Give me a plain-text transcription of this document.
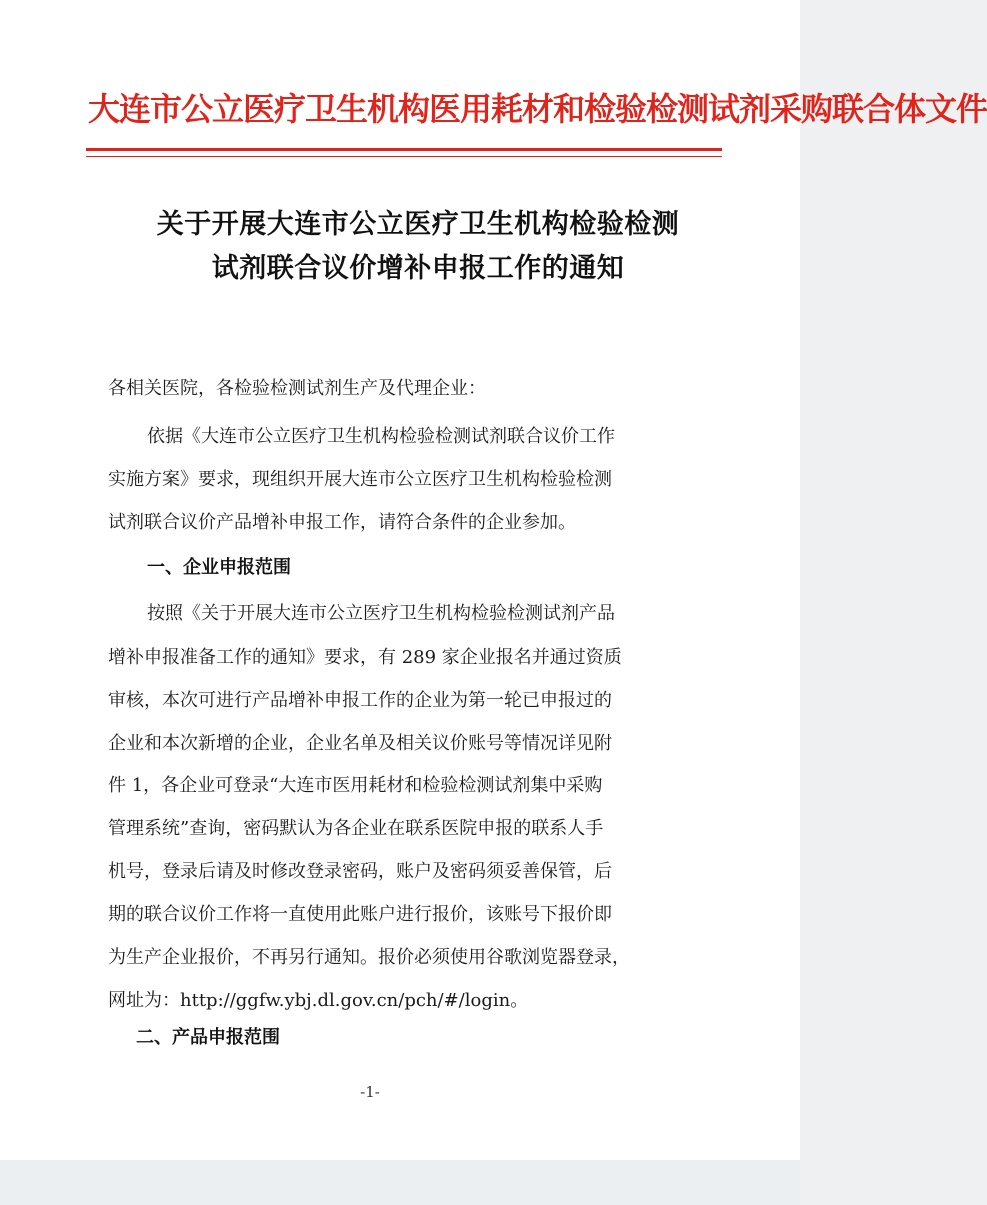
大连市公立医疗卫生机构医用耗材和检验检测试剂采购联合体文件
关于开展大连市公立医疗卫生机构检验检测
试剂联合议价增补申报工作的通知
各相关医院，各检验检测试剂生产及代理企业：
依据《大连市公立医疗卫生机构检验检测试剂联合议价工作
实施方案》要求，现组织开展大连市公立医疗卫生机构检验检测
试剂联合议价产品增补申报工作，请符合条件的企业参加。
一、企业申报范围
按照《关于开展大连市公立医疗卫生机构检验检测试剂产品
增补申报准备工作的通知》要求，有 289 家企业报名并通过资质
审核，本次可进行产品增补申报工作的企业为第一轮已申报过的
企业和本次新增的企业，企业名单及相关议价账号等情况详见附
件 1，各企业可登录“大连市医用耗材和检验检测试剂集中采购
管理系统”查询，密码默认为各企业在联系医院申报的联系人手
机号，登录后请及时修改登录密码，账户及密码须妥善保管，后
期的联合议价工作将一直使用此账户进行报价，该账号下报价即
为生产企业报价，不再另行通知。报价必须使用谷歌浏览器登录，
网址为：http://ggfw.ybj.dl.gov.cn/pch/#/login。
二、产品申报范围
-1-
